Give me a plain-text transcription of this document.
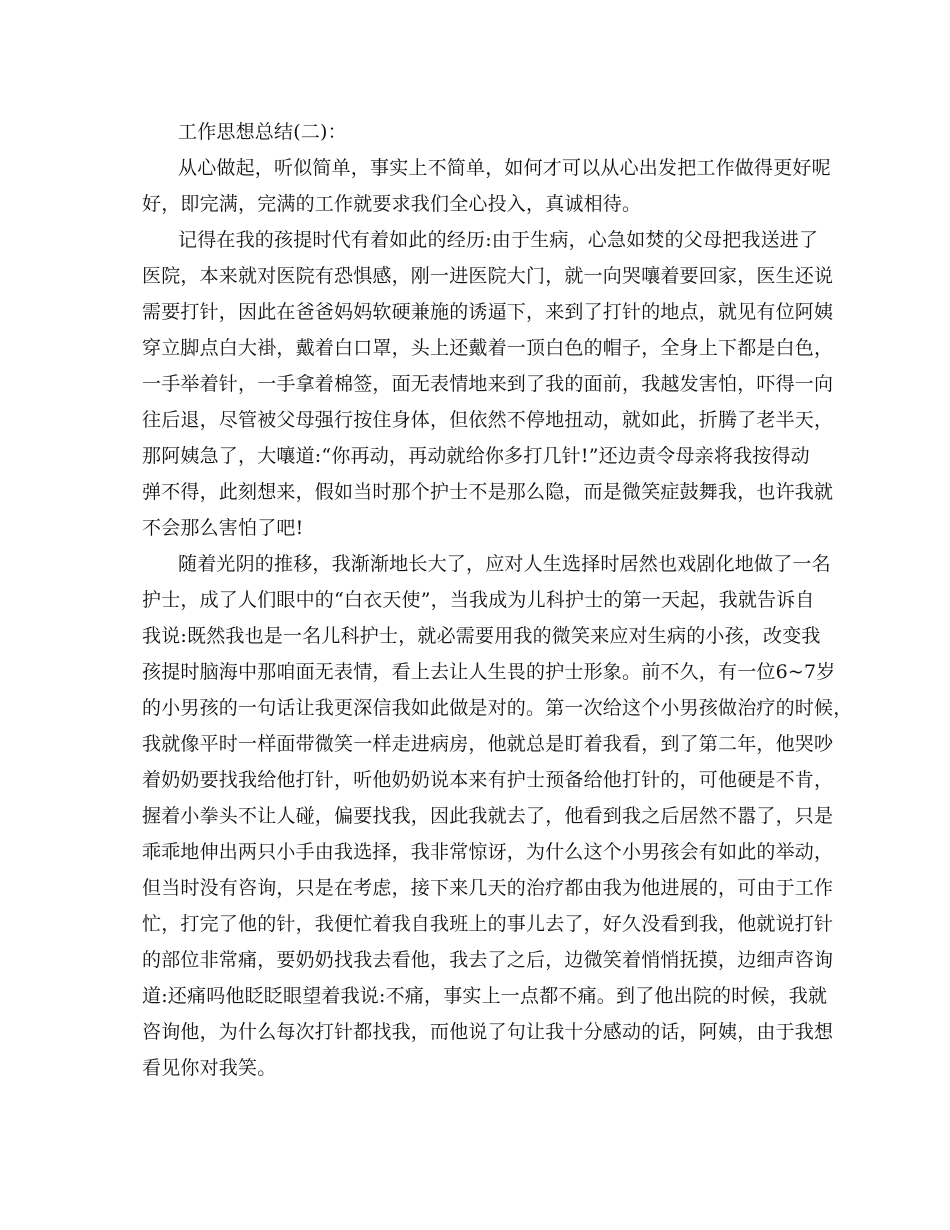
工作思想总结(二)：
从心做起，听似简单，事实上不简单，如何才可以从心出发把工作做得更好呢
好，即完满，完满的工作就要求我们全心投入，真诚相待。
记得在我的孩提时代有着如此的经历:由于生病，心急如焚的父母把我送进了
医院，本来就对医院有恐惧感，刚一进医院大门，就一向哭嚷着要回家，医生还说
需要打针，因此在爸爸妈妈软硬兼施的诱逼下，来到了打针的地点，就见有位阿姨
穿立脚点白大褂，戴着白口罩，头上还戴着一顶白色的帽子，全身上下都是白色，
一手举着针，一手拿着棉签，面无表情地来到了我的面前，我越发害怕，吓得一向
往后退，尽管被父母强行按住身体，但依然不停地扭动，就如此，折腾了老半天，
那阿姨急了，大嚷道:“你再动，再动就给你多打几针!”还边责令母亲将我按得动
弹不得，此刻想来，假如当时那个护士不是那么隐，而是微笑症鼓舞我，也许我就
不会那么害怕了吧!
随着光阴的推移，我渐渐地长大了，应对人生选择时居然也戏剧化地做了一名
护士，成了人们眼中的“白衣天使”，当我成为儿科护士的第一天起，我就告诉自
我说:既然我也是一名儿科护士，就必需要用我的微笑来应对生病的小孩，改变我
孩提时脑海中那咱面无表情，看上去让人生畏的护士形象。前不久，有一位6~7岁
的小男孩的一句话让我更深信我如此做是对的。第一次给这个小男孩做治疗的时候，
我就像平时一样面带微笑一样走进病房，他就总是盯着我看，到了第二年，他哭吵
着奶奶要找我给他打针，听他奶奶说本来有护士预备给他打针的，可他硬是不肯，
握着小拳头不让人碰，偏要找我，因此我就去了，他看到我之后居然不嚣了，只是
乖乖地伸出两只小手由我选择，我非常惊讶，为什么这个小男孩会有如此的举动，
但当时没有咨询，只是在考虑，接下来几天的治疗都由我为他进展的，可由于工作
忙，打完了他的针，我便忙着我自我班上的事儿去了，好久没看到我，他就说打针
的部位非常痛，要奶奶找我去看他，我去了之后，边微笑着悄悄抚摸，边细声咨询
道:还痛吗他眨眨眼望着我说:不痛，事实上一点都不痛。到了他出院的时候，我就
咨询他，为什么每次打针都找我，而他说了句让我十分感动的话，阿姨，由于我想
看见你对我笑。
